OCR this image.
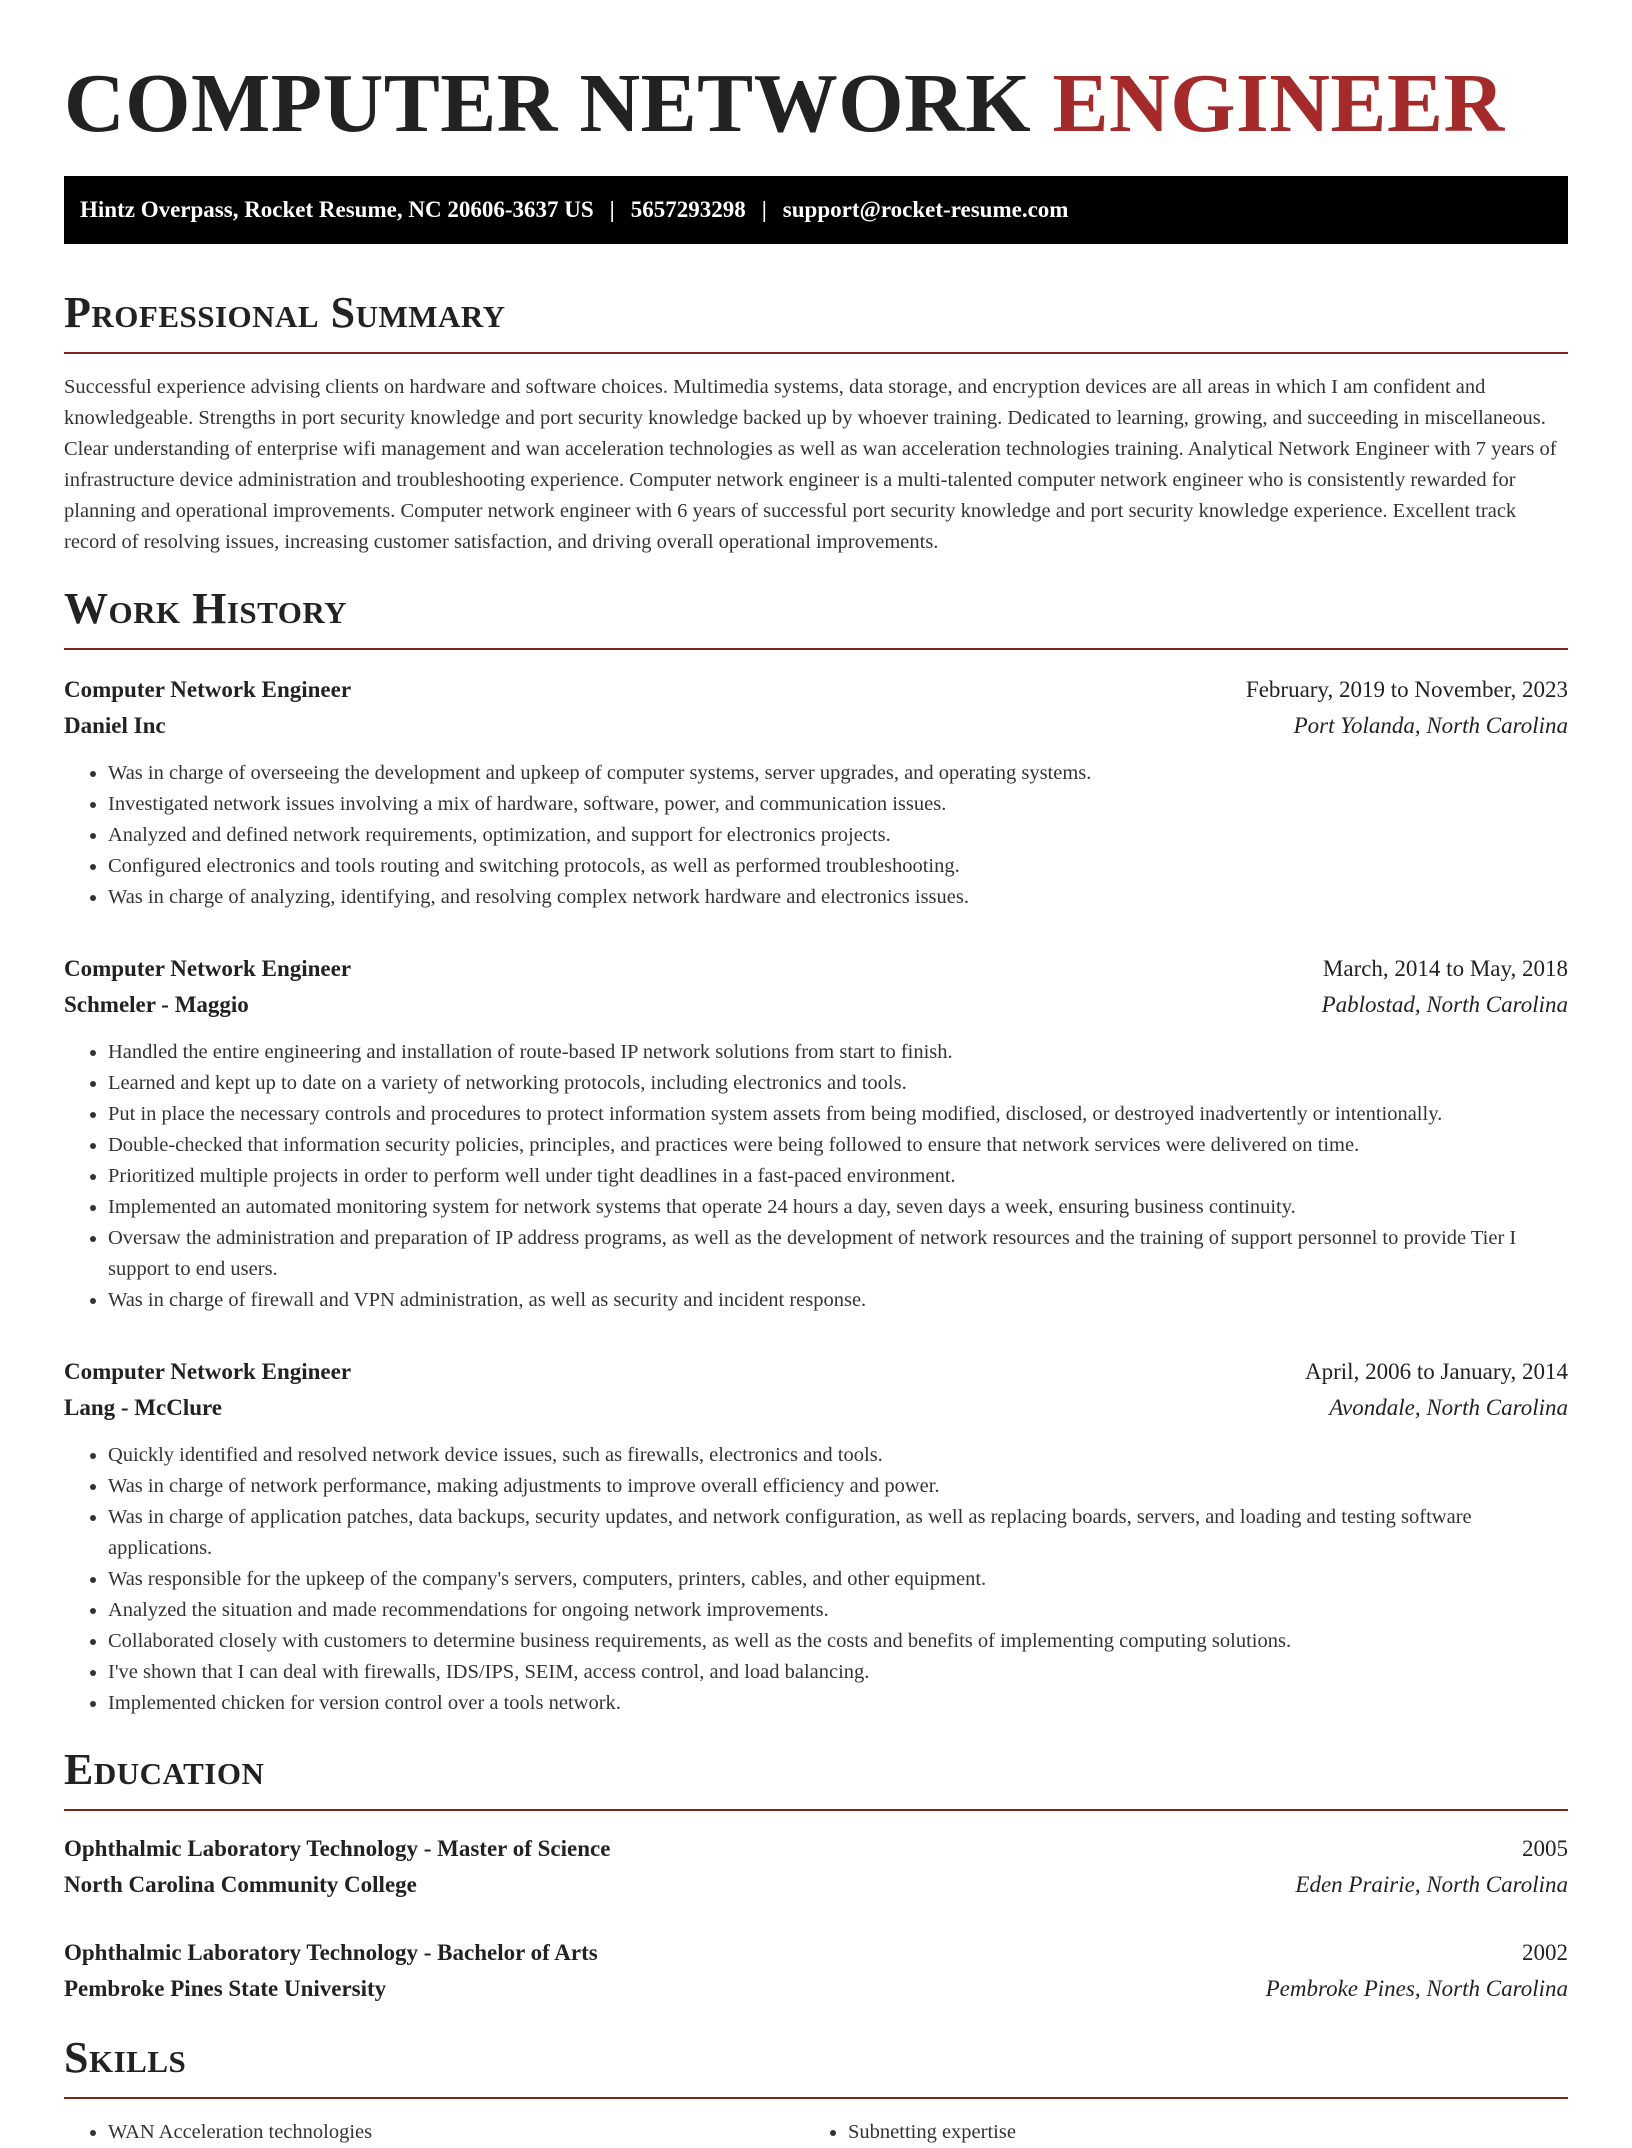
COMPUTER NETWORK ENGINEER
Hintz Overpass, Rocket Resume, NC 20606-3637 US | 5657293298 | support@rocket-resume.com
Professional Summary

Successful experience advising clients on hardware and software choices. Multimedia systems, data storage, and encryption devices are all areas in which I am confident and knowledgeable. Strengths in port security knowledge and port security knowledge backed up by whoever training. Dedicated to learning, growing, and succeeding in miscellaneous. Clear understanding of enterprise wifi management and wan acceleration technologies as well as wan acceleration technologies training. Analytical Network Engineer with 7 years of infrastructure device administration and troubleshooting experience. Computer network engineer is a multi-talented computer network engineer who is consistently rewarded for planning and operational improvements. Computer network engineer with 6 years of successful port security knowledge and port security knowledge experience. Excellent track record of resolving issues, increasing customer satisfaction, and driving overall operational improvements.

Work History
Computer Network Engineer	February, 2019 to November, 2023
Daniel Inc	Port Yolanda, North Carolina
• Was in charge of overseeing the development and upkeep of computer systems, server upgrades, and operating systems.
• Investigated network issues involving a mix of hardware, software, power, and communication issues.
• Analyzed and defined network requirements, optimization, and support for electronics projects.
• Configured electronics and tools routing and switching protocols, as well as performed troubleshooting.
• Was in charge of analyzing, identifying, and resolving complex network hardware and electronics issues.
Computer Network Engineer	March, 2014 to May, 2018
Schmeler - Maggio	Pablostad, North Carolina
• Handled the entire engineering and installation of route-based IP network solutions from start to finish.
• Learned and kept up to date on a variety of networking protocols, including electronics and tools.
• Put in place the necessary controls and procedures to protect information system assets from being modified, disclosed, or destroyed inadvertently or intentionally.
• Double-checked that information security policies, principles, and practices were being followed to ensure that network services were delivered on time.
• Prioritized multiple projects in order to perform well under tight deadlines in a fast-paced environment.
• Implemented an automated monitoring system for network systems that operate 24 hours a day, seven days a week, ensuring business continuity.
• Oversaw the administration and preparation of IP address programs, as well as the development of network resources and the training of support personnel to provide Tier I support to end users.
• Was in charge of firewall and VPN administration, as well as security and incident response.
Computer Network Engineer	April, 2006 to January, 2014
Lang - McClure	Avondale, North Carolina
• Quickly identified and resolved network device issues, such as firewalls, electronics and tools.
• Was in charge of network performance, making adjustments to improve overall efficiency and power.
• Was in charge of application patches, data backups, security updates, and network configuration, as well as replacing boards, servers, and loading and testing software applications.
• Was responsible for the upkeep of the company's servers, computers, printers, cables, and other equipment.
• Analyzed the situation and made recommendations for ongoing network improvements.
• Collaborated closely with customers to determine business requirements, as well as the costs and benefits of implementing computing solutions.
• I've shown that I can deal with firewalls, IDS/IPS, SEIM, access control, and load balancing.
• Implemented chicken for version control over a tools network.
Education
Ophthalmic Laboratory Technology - Master of Science	2005
North Carolina Community College	Eden Prairie, North Carolina
Ophthalmic Laboratory Technology - Bachelor of Arts	2002
Pembroke Pines State University	Pembroke Pines, North Carolina
Skills
• WAN Acceleration technologies
•	Subnetting expertise
